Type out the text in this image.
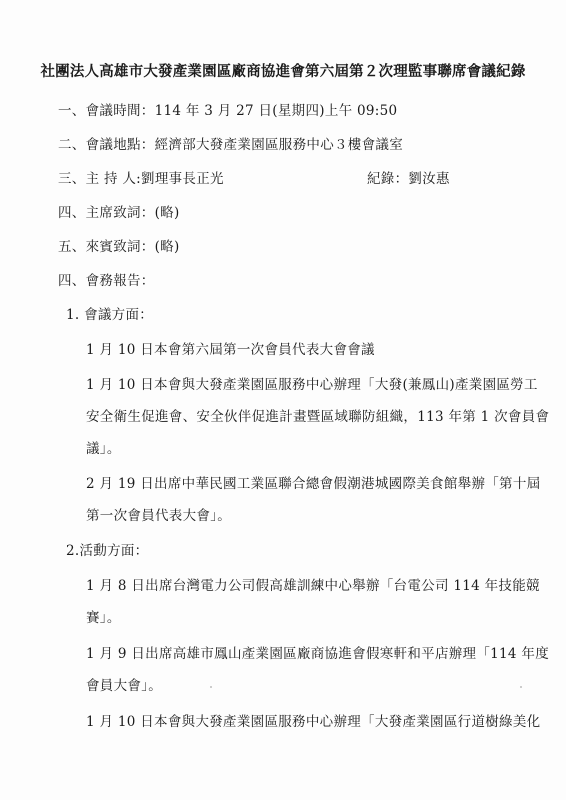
社團法人高雄市大發產業園區廠商協進會第六屆第２次理監事聯席會議紀錄
一、會議時間：114 年 3 月 27 日(星期四)上午 09:50
二、會議地點：經濟部大發產業園區服務中心３樓會議室
三、主 持 人:劉理事長正光	紀錄：劉汝惠
四、主席致詞：(略)
五、來賓致詞：(略)
四、會務報告：
1. 會議方面：
1 月 10 日本會第六屆第一次會員代表大會會議
1 月 10 日本會與大發產業園區服務中心辦理「大發(兼鳳山)產業園區勞工
安全衛生促進會、安全伙伴促進計畫暨區域聯防組織，113 年第 1 次會員會
議」。
2 月 19 日出席中華民國工業區聯合總會假潮港城國際美食館舉辦「第十屆
第一次會員代表大會」。
2.活動方面：
1 月 8 日出席台灣電力公司假高雄訓練中心舉辦「台電公司 114 年技能競
賽」。
1 月 9 日出席高雄市鳳山產業園區廠商協進會假寒軒和平店辦理「114 年度
會員大會」。
1 月 10 日本會與大發產業園區服務中心辦理「大發產業園區行道樹綠美化
